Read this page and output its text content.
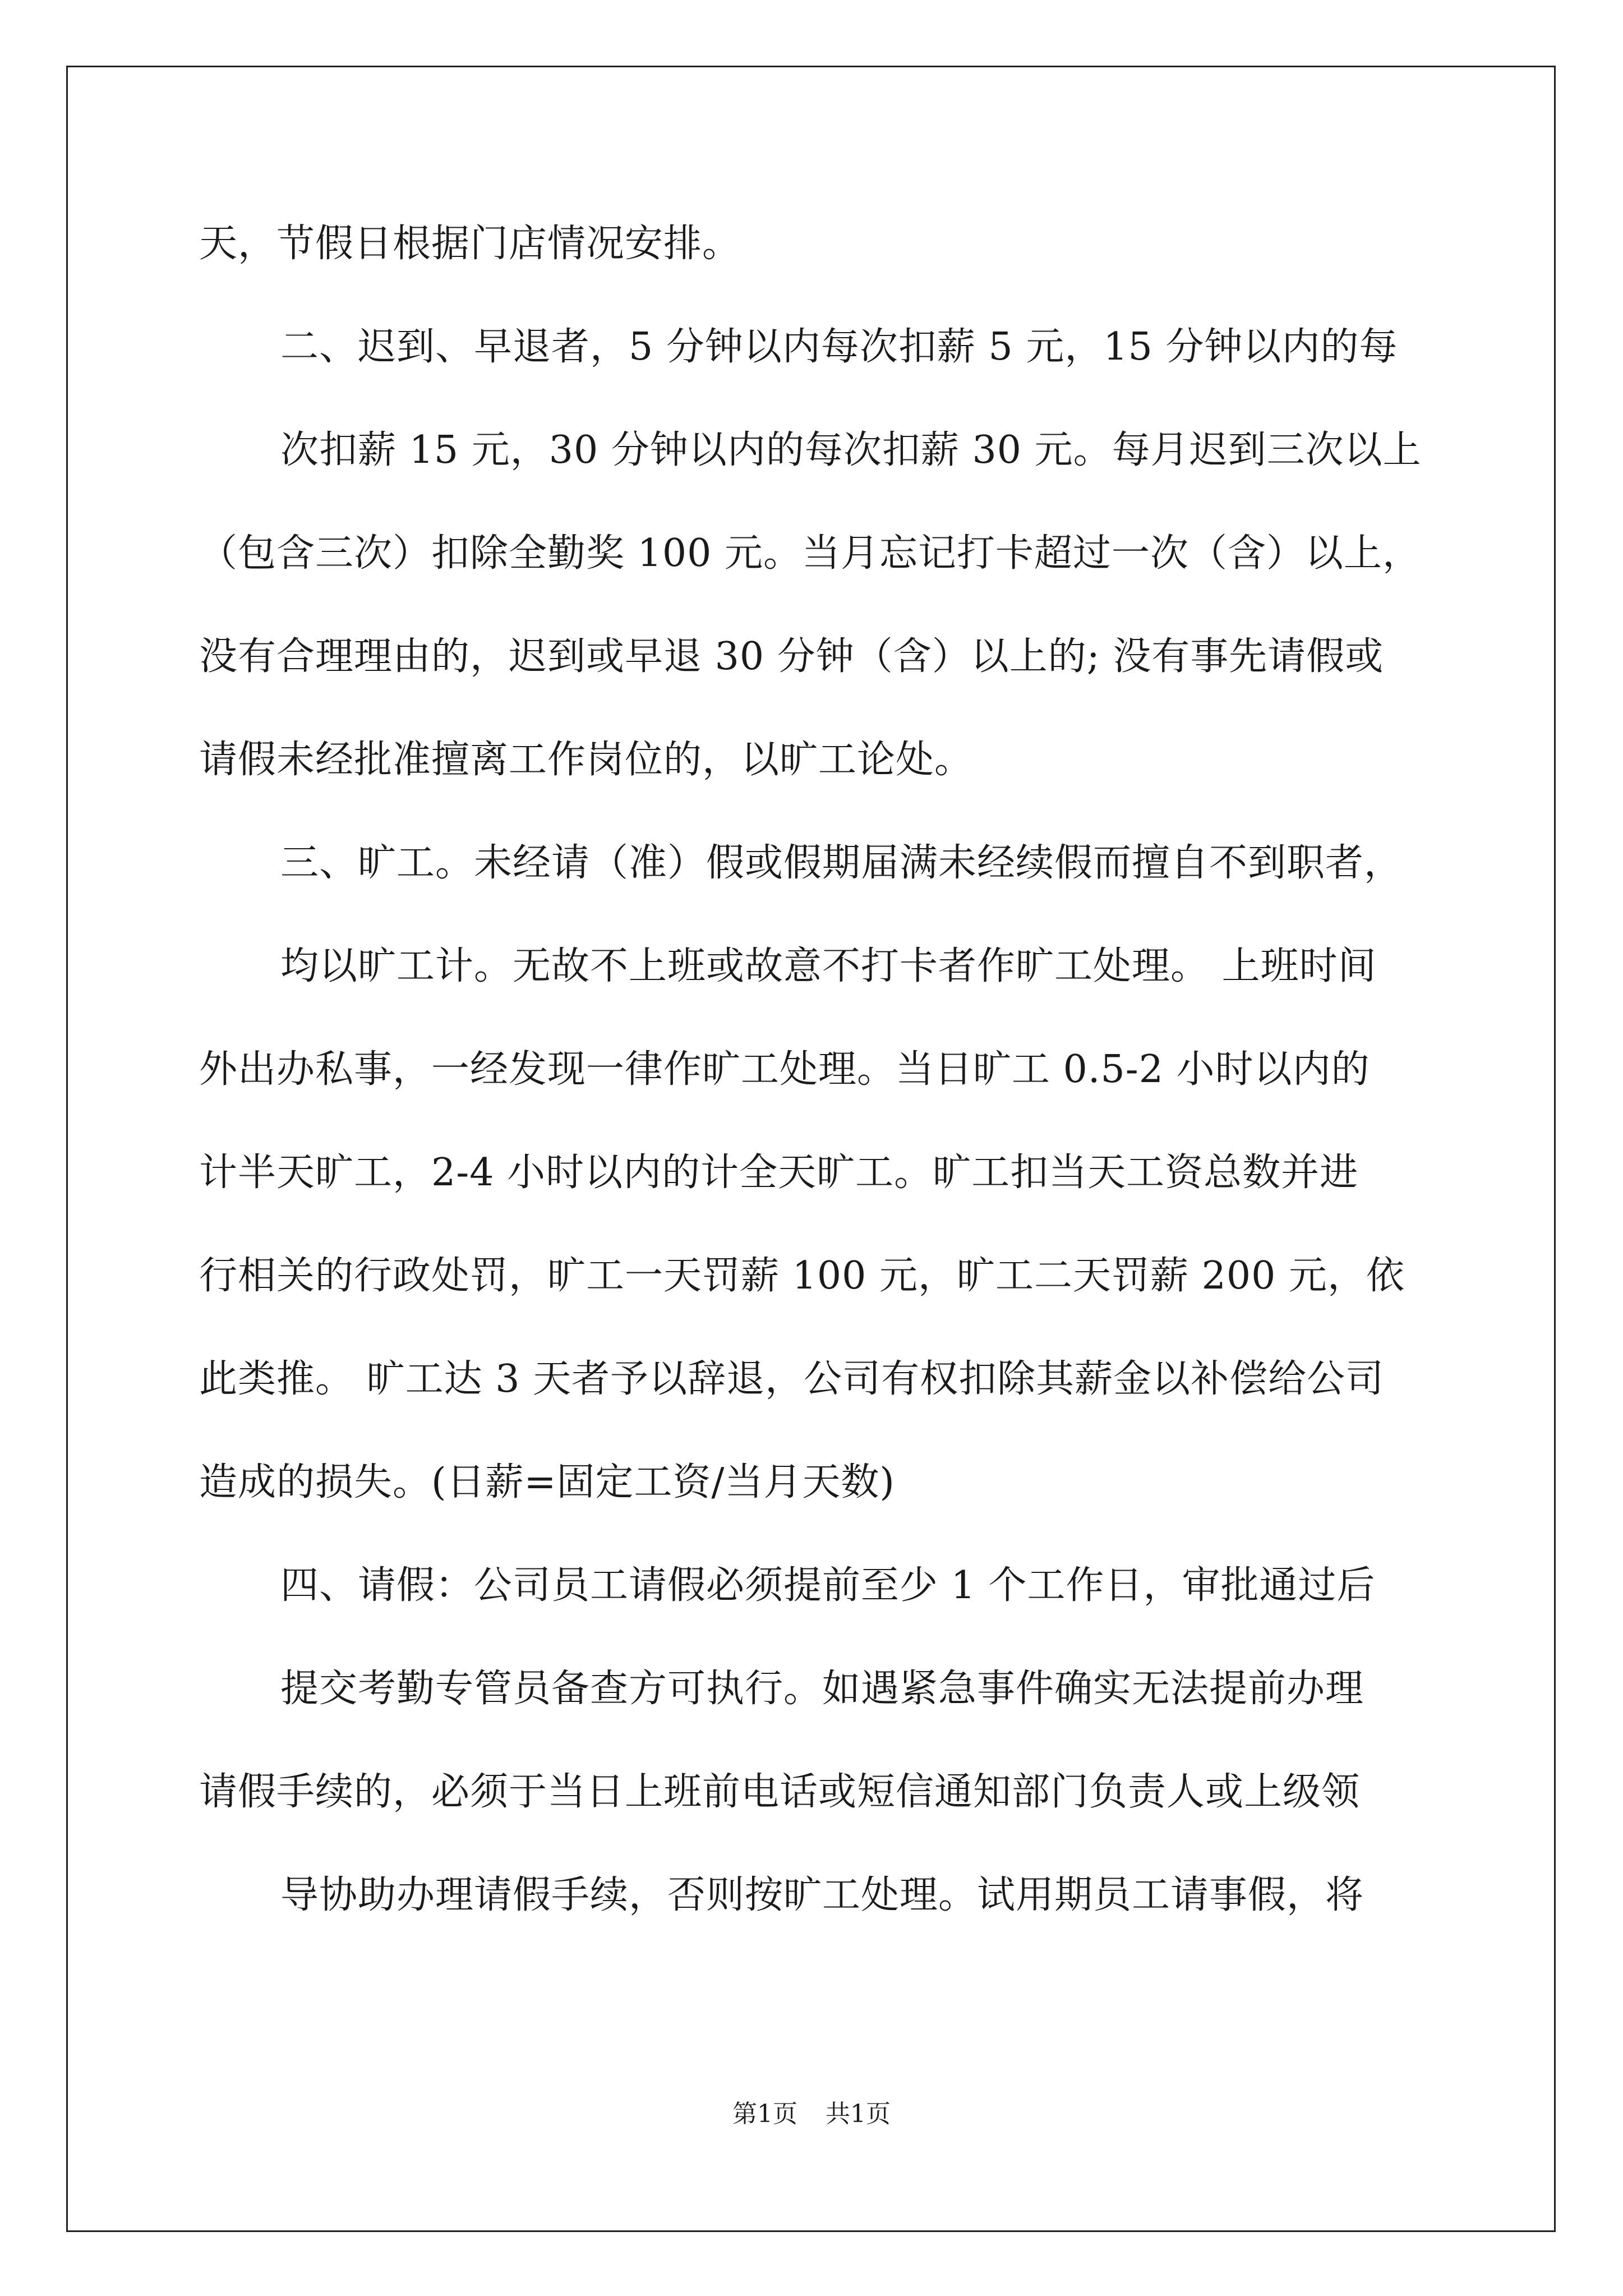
天，节假日根据门店情况安排。

二、迟到、早退者，5 分钟以内每次扣薪 5 元，15 分钟以内的每

次扣薪 15 元，30 分钟以内的每次扣薪 30 元。每月迟到三次以上

（包含三次）扣除全勤奖 100 元。当月忘记打卡超过一次（含）以上，

没有合理理由的，迟到或早退 30 分钟（含）以上的; 没有事先请假或

请假未经批准擅离工作岗位的，以旷工论处。

三、旷工。未经请（准）假或假期届满未经续假而擅自不到职者，

均以旷工计。无故不上班或故意不打卡者作旷工处理。 上班时间

外出办私事，一经发现一律作旷工处理。当日旷工 0.5-2 小时以内的

计半天旷工，2-4 小时以内的计全天旷工。旷工扣当天工资总数并进

行相关的行政处罚，旷工一天罚薪 100 元，旷工二天罚薪 200 元，依

此类推。 旷工达 3 天者予以辞退，公司有权扣除其薪金以补偿给公司

造成的损失。(日薪=固定工资/当月天数)

四、请假：公司员工请假必须提前至少 1 个工作日，审批通过后

提交考勤专管员备查方可执行。如遇紧急事件确实无法提前办理

请假手续的，必须于当日上班前电话或短信通知部门负责人或上级领

导协助办理请假手续，否则按旷工处理。试用期员工请事假，将

第1页 共1页
